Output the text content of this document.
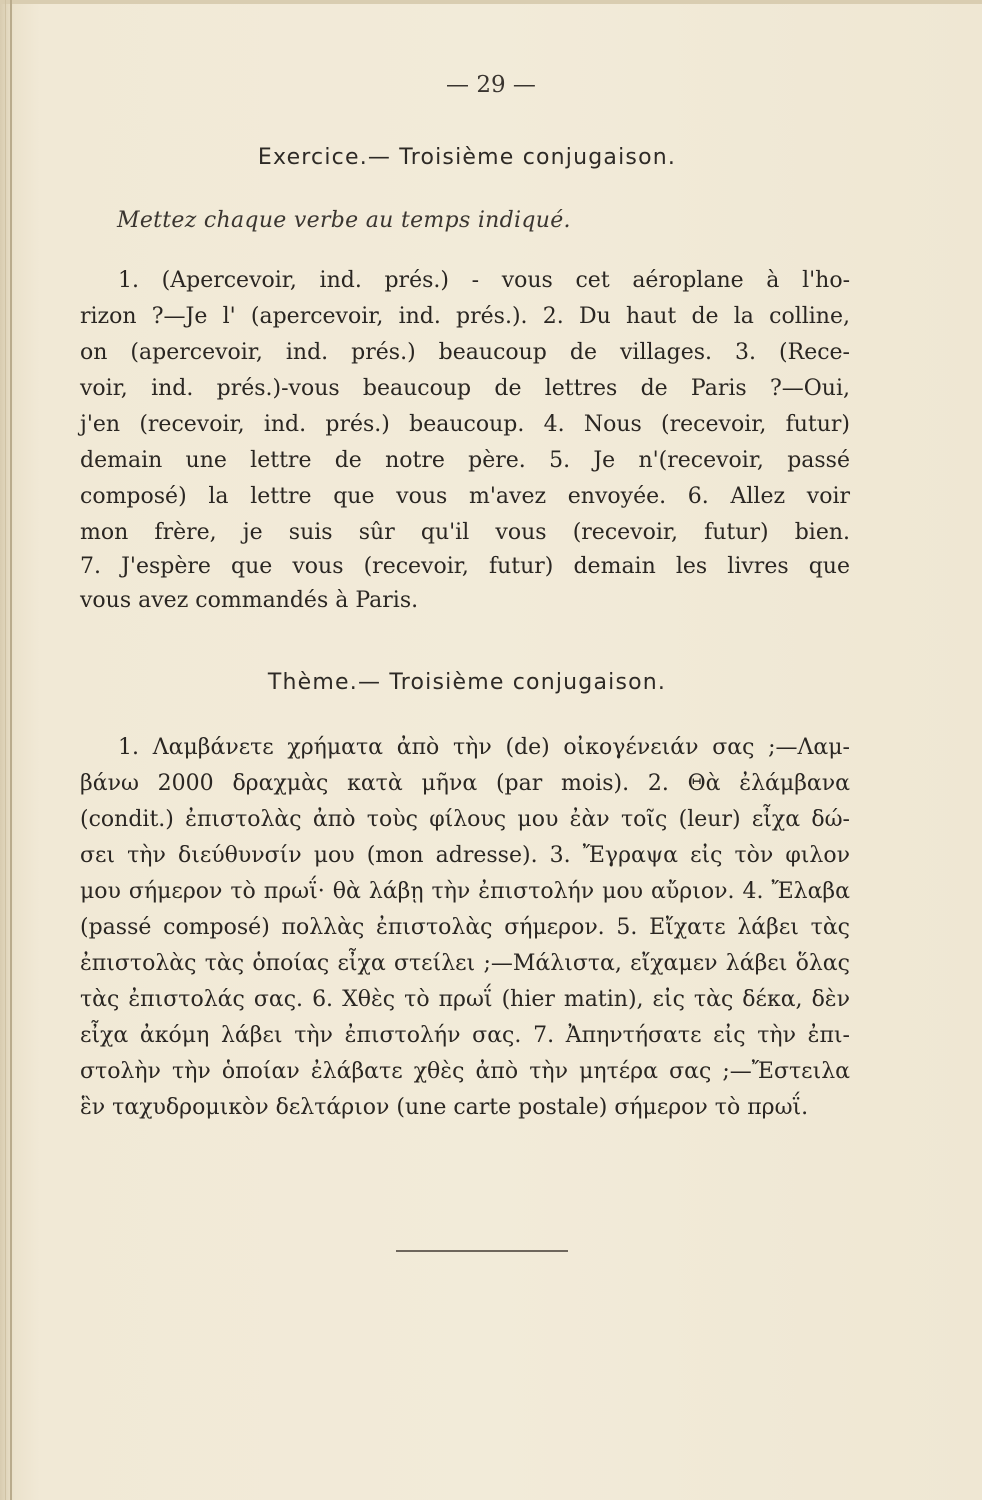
— 29 —
Exercice.— Troisième conjugaison.
Mettez chaque verbe au temps indiqué.
1. (Apercevoir, ind. prés.) - vous cet aéroplane à l'ho-
rizon ?—Je l' (apercevoir, ind. prés.). 2. Du haut de la colline,
on (apercevoir, ind. prés.) beaucoup de villages. 3. (Rece-
voir, ind. prés.)-vous beaucoup de lettres de Paris ?—Oui,
j'en (recevoir, ind. prés.) beaucoup. 4. Nous (recevoir, futur)
demain une lettre de notre père. 5. Je n'(recevoir, passé
composé) la lettre que vous m'avez envoyée. 6. Allez voir
mon frère, je suis sûr qu'il vous (recevoir, futur) bien.
7. J'espère que vous (recevoir, futur) demain les livres que
vous avez commandés à Paris.
Thème.— Troisième conjugaison.
1. Λαμβάνετε χρήματα ἀπὸ τὴν (de) οἰκογένειάν σας ;—Λαμ-
βάνω 2000 δραχμὰς κατὰ μῆνα (par mois). 2. Θὰ ἐλάμβανα
(condit.) ἐπιστολὰς ἀπὸ τοὺς φίλους μου ἐὰν τοῖς (leur) εἶχα δώ-
σει τὴν διεύθυνσίν μου (mon adresse). 3. Ἔγραψα εἰς τὸν φιλον
μου σήμερον τὸ πρωΐ· θὰ λάβῃ τὴν ἐπιστολήν μου αὔριον. 4. Ἔλαβα
(passé composé) πολλὰς ἐπιστολὰς σήμερον. 5. Εἴχατε λάβει τὰς
ἐπιστολὰς τὰς ὁποίας εἶχα στείλει ;—Μάλιστα, εἴχαμεν λάβει ὅλας
τὰς ἐπιστολάς σας. 6. Χθὲς τὸ πρωΐ (hier matin), εἰς τὰς δέκα, δὲν
εἶχα ἀκόμη λάβει τὴν ἐπιστολήν σας. 7. Ἀπηντήσατε εἰς τὴν ἐπι-
στολὴν τὴν ὁποίαν ἐλάβατε χθὲς ἀπὸ τὴν μητέρα σας ;—Ἔστειλα
ἓν ταχυδρομικὸν δελτάριον (une carte postale) σήμερον τὸ πρωΐ.
